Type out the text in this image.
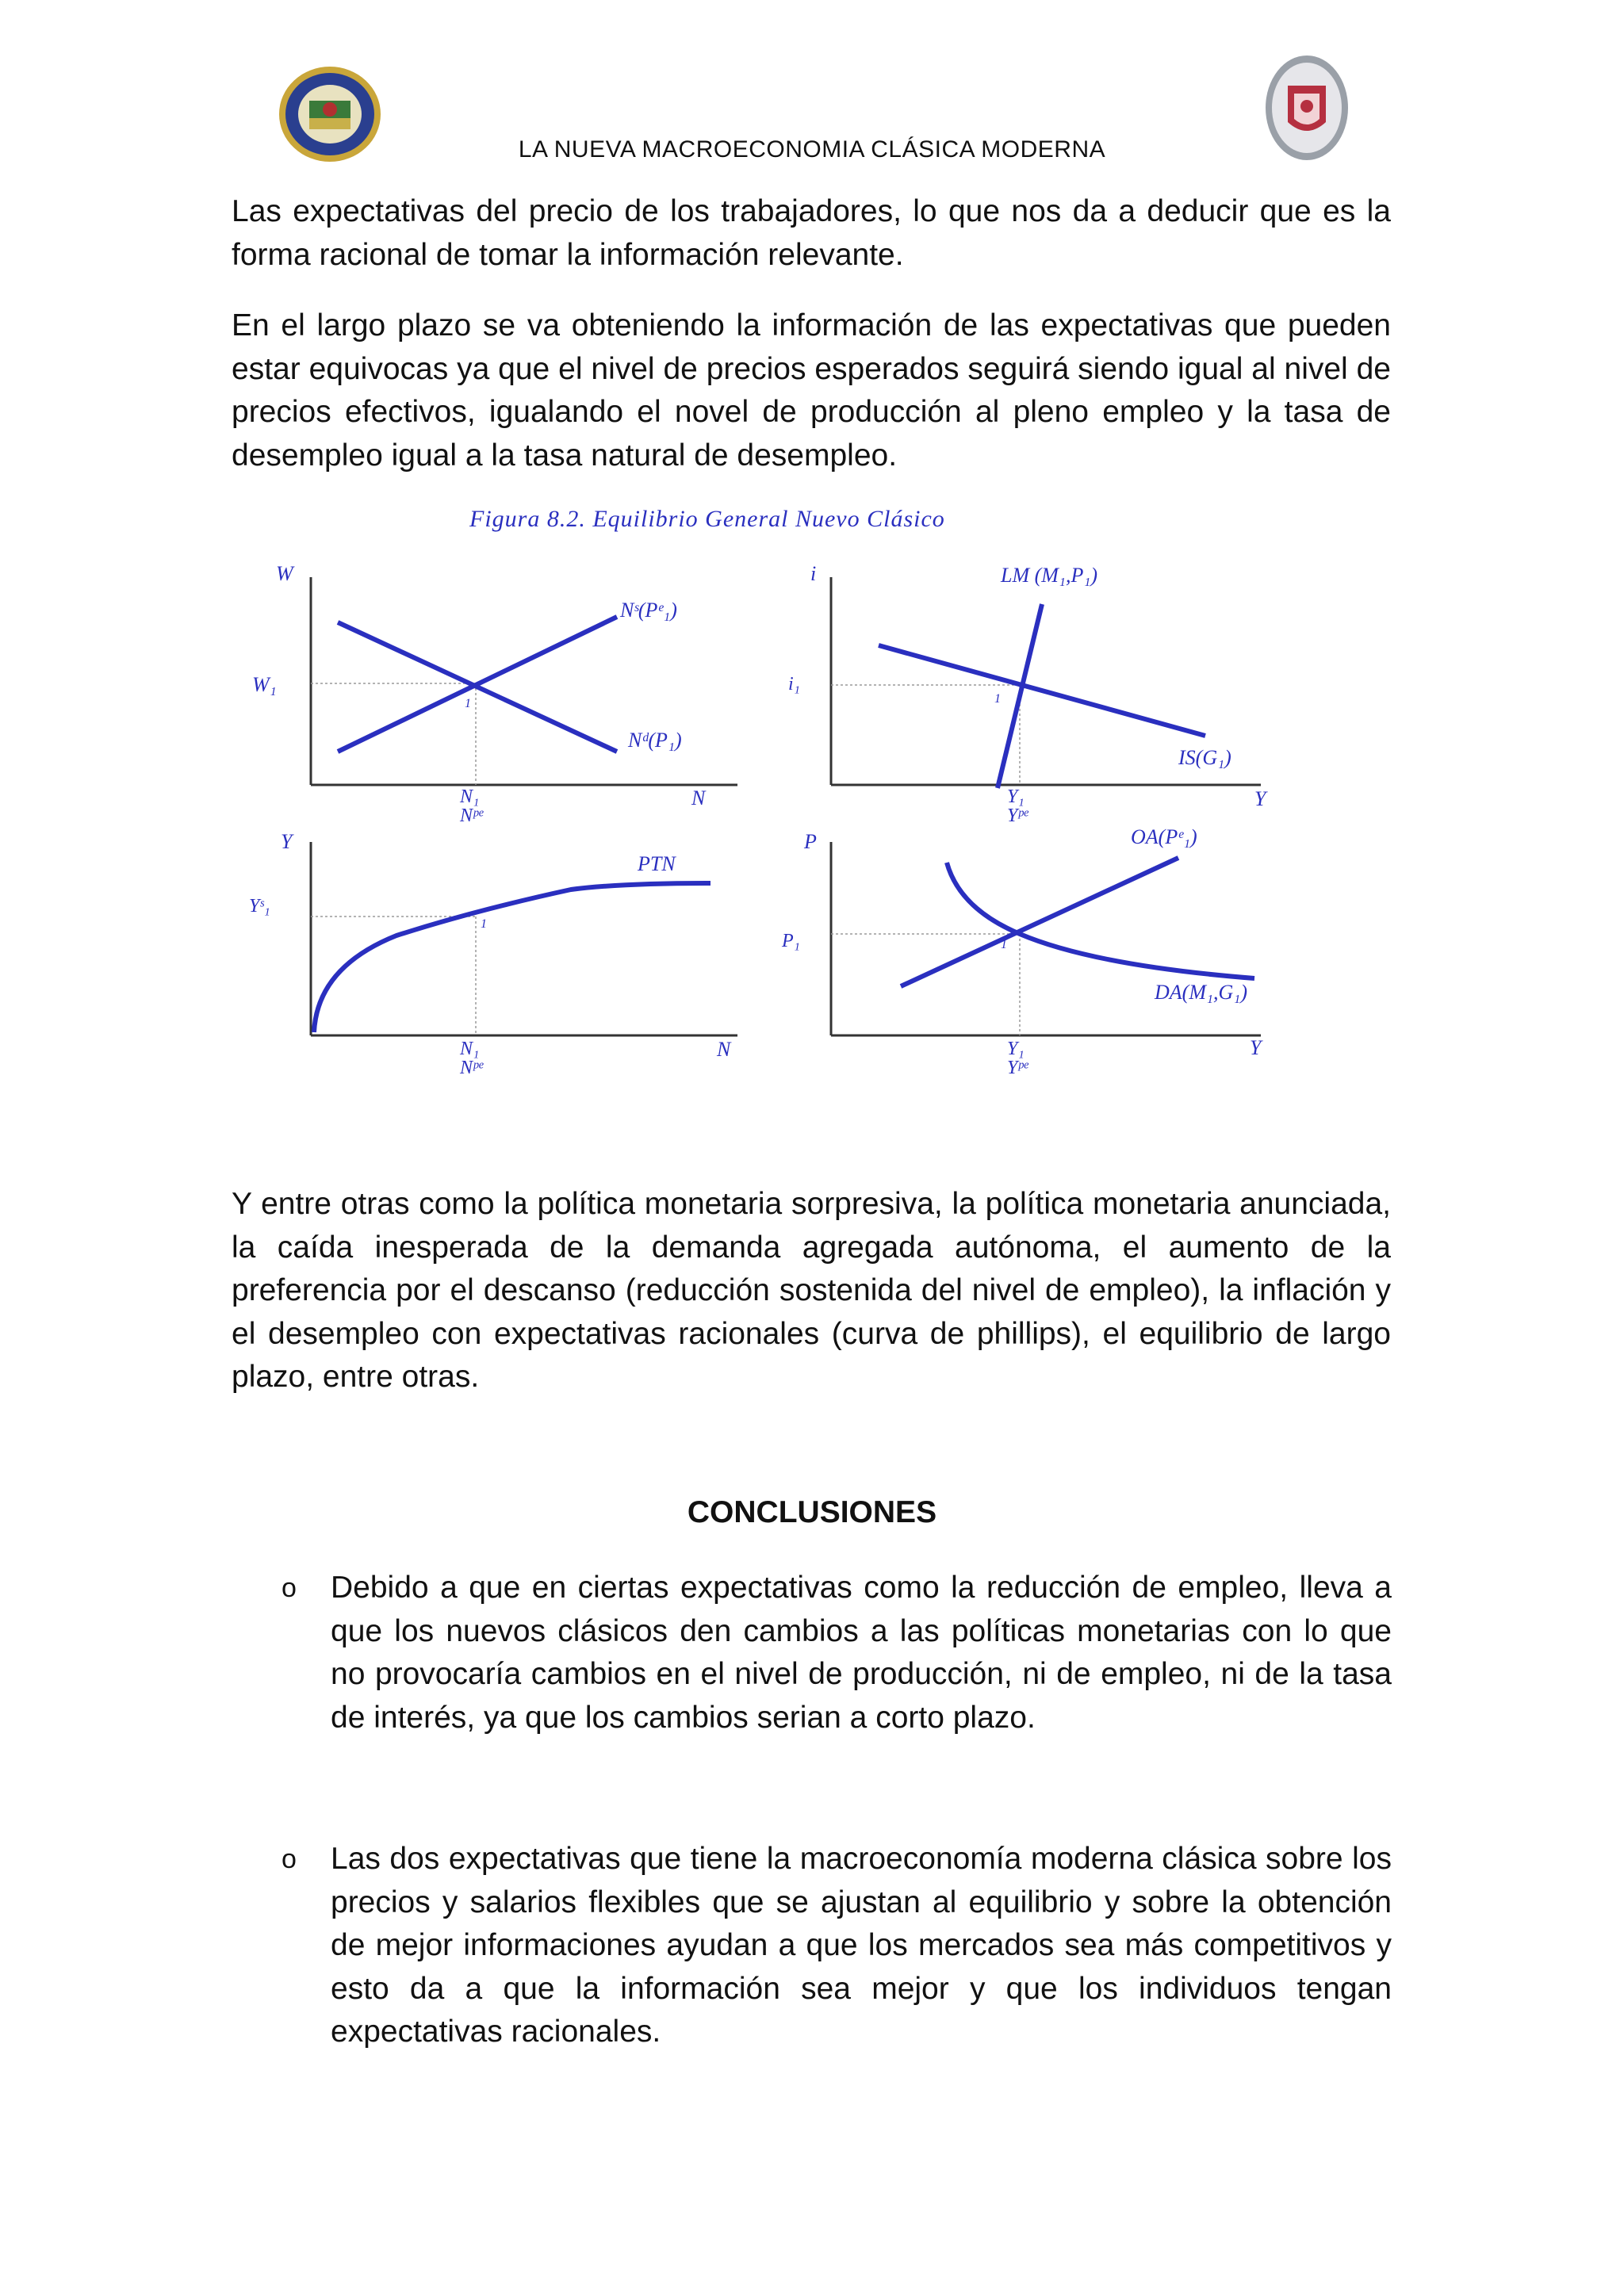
LA NUEVA MACROECONOMIA CLÁSICA MODERNA

Las expectativas del precio de los trabajadores, lo que nos da a deducir que es la forma racional de tomar la información relevante.

En el largo plazo se va obteniendo la información de las expectativas que pueden estar equivocas ya que el nivel de precios esperados seguirá siendo igual al nivel de precios efectivos, igualando el novel de producción al pleno empleo y la tasa de desempleo igual a la tasa natural de desempleo.

Figura 8.2. Equilibrio General Nuevo Clásico
W
W₁
Nˢ(Pᵉ₁)
Nᵈ(P₁)
N
N₁
Nᵖᵉ
1
i
i₁
LM (M₁,P₁)
IS(G₁)
Y
Y₁
Yᵖᵉ
1
Y
Yˢ₁
PTN
N
N₁
Nᵖᵉ
1
P
P₁
OA(Pᵉ₁)
DA(M₁,G₁)
Y
Y₁
Yᵖᵉ
1

Y entre otras como la política monetaria sorpresiva, la política monetaria anunciada, la caída inesperada de la demanda agregada autónoma, el aumento de la preferencia por el descanso (reducción sostenida del nivel de empleo), la inflación y el desempleo con expectativas racionales (curva de phillips), el equilibrio de largo plazo, entre otras.

CONCLUSIONES
o Debido a que en ciertas expectativas como la reducción de empleo, lleva a que los nuevos clásicos den cambios a las políticas monetarias con lo que no provocaría cambios en el nivel de producción, ni de empleo, ni de la tasa de interés, ya que los cambios serian a corto plazo.

o Las dos expectativas que tiene la macroeconomía moderna clásica sobre los precios y salarios flexibles que se ajustan al equilibrio y sobre la obtención de mejor informaciones ayudan a que los mercados sea más competitivos y esto da a que la información sea mejor y que los individuos tengan expectativas racionales.
